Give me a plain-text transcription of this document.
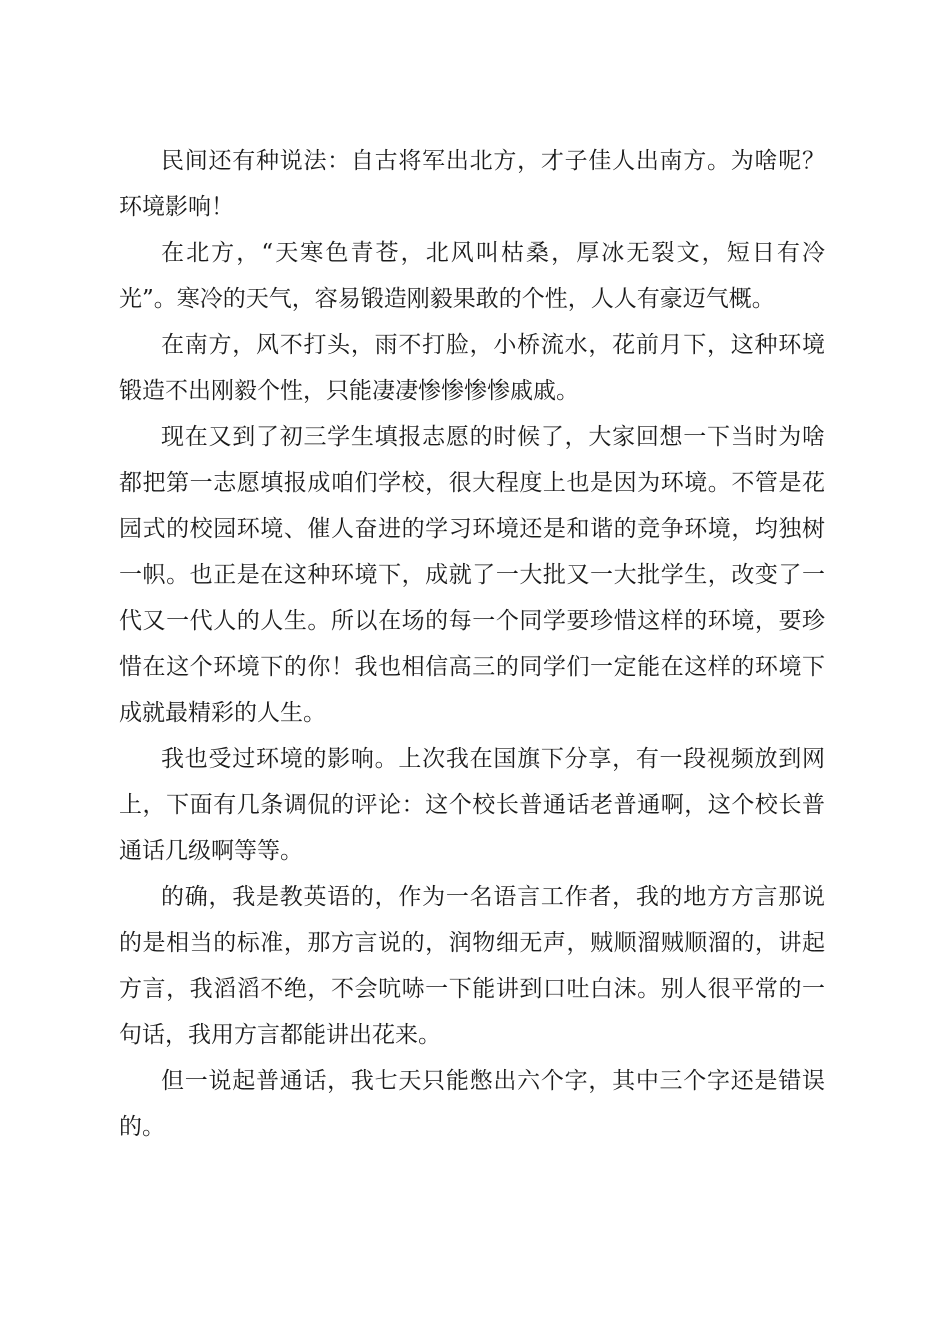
民间还有种说法：自古将军出北方，才子佳人出南方。为啥呢？环境影响！

在北方，“天寒色青苍，北风叫枯桑，厚冰无裂文，短日有冷光”。寒冷的天气，容易锻造刚毅果敢的个性，人人有豪迈气概。

在南方，风不打头，雨不打脸，小桥流水，花前月下，这种环境锻造不出刚毅个性，只能凄凄惨惨惨惨戚戚。

现在又到了初三学生填报志愿的时候了，大家回想一下当时为啥都把第一志愿填报成咱们学校，很大程度上也是因为环境。不管是花园式的校园环境、催人奋进的学习环境还是和谐的竞争环境，均独树一帜。也正是在这种环境下，成就了一大批又一大批学生，改变了一代又一代人的人生。所以在场的每一个同学要珍惜这样的环境，要珍惜在这个环境下的你！我也相信高三的同学们一定能在这样的环境下成就最精彩的人生。

我也受过环境的影响。上次我在国旗下分享，有一段视频放到网上，下面有几条调侃的评论：这个校长普通话老普通啊，这个校长普通话几级啊等等。

的确，我是教英语的，作为一名语言工作者，我的地方方言那说的是相当的标准，那方言说的，润物细无声，贼顺溜贼顺溜的，讲起方言，我滔滔不绝，不会吭哧一下能讲到口吐白沫。别人很平常的一句话，我用方言都能讲出花来。

但一说起普通话，我七天只能憋出六个字，其中三个字还是错误的。
